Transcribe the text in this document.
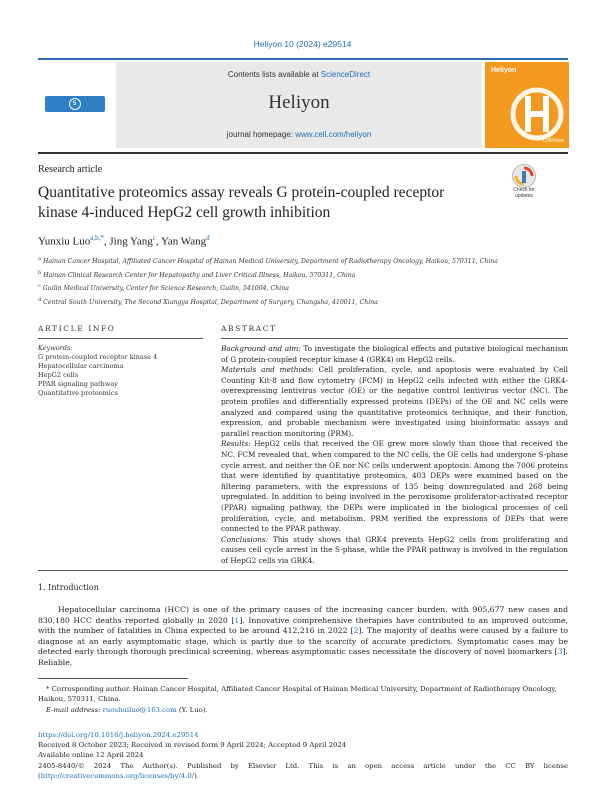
Heliyon 10 (2024) e29514
55©CellPress
Contents lists available at ScienceDirect
Heliyon
journal homepage: www.cell.com/heliyon
Heliyon
CellPress
Research article
Quantitative proteomics assay reveals G protein-coupled receptor
kinase 4-induced HepG2 cell growth inhibition
Check for updates
Yunxiu Luo$^{a,b,*}$, Jing Yang$^c$, Yan Wang$^d$
$^a$ Hainan Cancer Hospital, Affiliated Cancer Hospital of Hainan Medical University, Department of Radiotherapy Oncology, Haikou, 570311, China
$^b$ Hainan Clinical Research Center for Hepatopathy and Liver Critical Illness, Haikou, 570311, China
$^c$ Guilin Medical University, Center for Science Research, Guilin, 541004, China
$^d$ Central South University, The Second Xiangya Hospital, Department of Surgery, Changsha, 410011, China
ARTICLE INFO	ABSTRACT
Keywords:
G protein-coupled receptor kinase 4
Hepatocellular carcinoma
HepG2 cells
PPAR signaling pathway
Quantitative proteomics

Background and aim: To investigate the biological effects and putative biological mechanism of G protein-coupled receptor kinase 4 (GRK4) on HepG2 cells.

Materials and methods: Cell proliferation, cycle, and apoptosis were evaluated by Cell Counting Kit-8 and flow cytometry (FCM) in HepG2 cells infected with either the GRK4-overexpressing lentivirus vector (OE) or the negative control lentivirus vector (NC). The protein profiles and differentially expressed proteins (DEPs) of the OE and NC cells were analyzed and compared using the quantitative proteomics technique, and their function, expression, and probable mechanism were investigated using bioinformatic assays and parallel reaction monitoring (PRM).

Results: HepG2 cells that received the OE grew more slowly than those that received the NC. FCM revealed that, when compared to the NC cells, the OE cells had undergone S-phase cycle arrest, and neither the OE nor NC cells underwent apoptosis. Among the 7006 proteins that were identified by quantitative proteomics, 403 DEPs were examined based on the filtering parameters, with the expressions of 135 being downregulated and 268 being upregulated. In addition to being involved in the peroxisome proliferator-activated receptor (PPAR) signaling pathway, the DEPs were implicated in the biological processes of cell proliferation, cycle, and metabolism. PRM verified the expressions of DEPs that were connected to the PPAR pathway.

Conclusions: This study shows that GRK4 prevents HepG2 cells from proliferating and causes cell cycle arrest in the S-phase, while the PPAR pathway is involved in the regulation of HepG2 cells via GRK4.

1. Introduction

Hepatocellular carcinoma (HCC) is one of the primary causes of the increasing cancer burden, with 905,677 new cases and 830,180 HCC deaths reported globally in 2020 [1]. Innovative comprehensive therapies have contributed to an improved outcome, with the number of fatalities in China expected to be around 412,216 in 2022 [2]. The majority of deaths were caused by a failure to diagnose at an early asymptomatic stage, which is partly due to the scarcity of accurate predictors. Symptomatic cases may be detected early through thorough preclinical screening, whereas asymptomatic cases necessitate the discovery of novel biomarkers [3]. Reliable,

* Corresponding author. Hainan Cancer Hospital, Affiliated Cancer Hospital of Hainan Medical University, Department of Radiotherapy Oncology, Haikou, 570311, China.
E-mail address: ruoshuiluo@163.com (Y. Luo).
https://doi.org/10.1016/j.heliyon.2024.e29514
Received 8 October 2023; Received in revised form 9 April 2024; Accepted 9 April 2024
Available online 12 April 2024
2405-8440/© 2024 The Author(s). Published by Elsevier Ltd. This is an open access article under the CC BY license
(http://creativecommons.org/licenses/by/4.0/).
